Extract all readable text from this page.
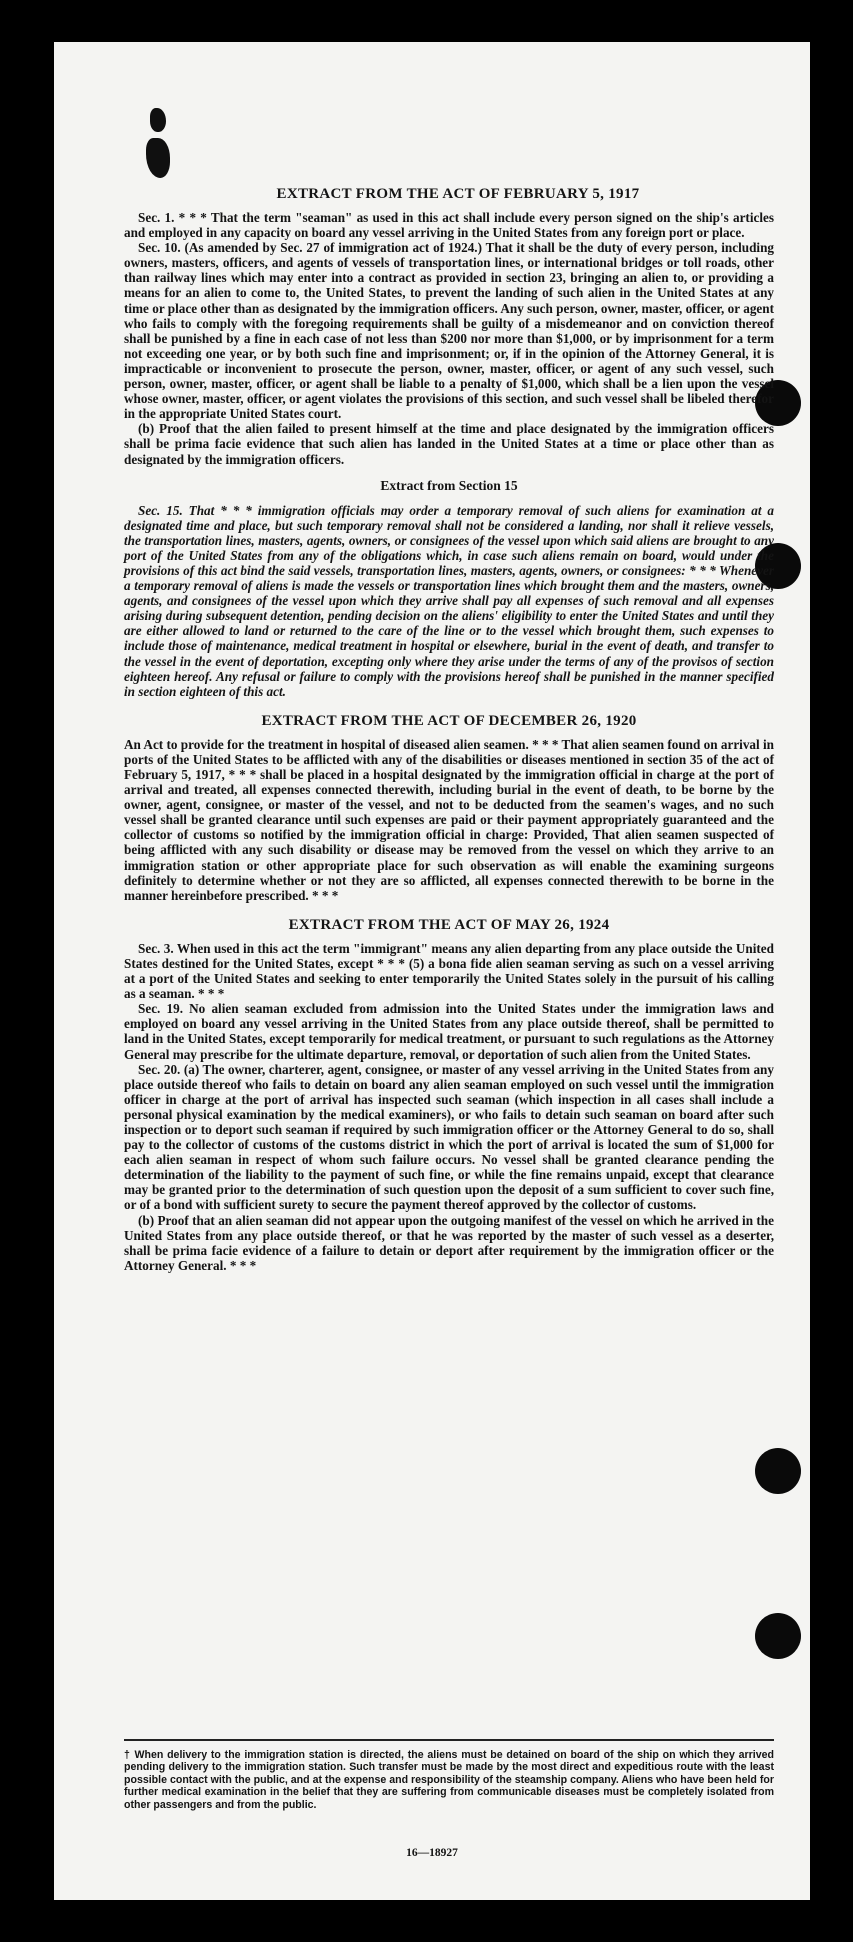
EXTRACT FROM THE ACT OF FEBRUARY 5, 1917

Sec. 1. * * * That the term "seaman" as used in this act shall include every person signed on the ship's articles and employed in any capacity on board any vessel arriving in the United States from any foreign port or place.

Sec. 10. (As amended by Sec. 27 of immigration act of 1924.) That it shall be the duty of every person, including owners, masters, officers, and agents of vessels of transportation lines, or international bridges or toll roads, other than railway lines which may enter into a contract as provided in section 23, bringing an alien to, or providing a means for an alien to come to, the United States, to prevent the landing of such alien in the United States at any time or place other than as designated by the immigration officers. Any such person, owner, master, officer, or agent who fails to comply with the foregoing requirements shall be guilty of a misdemeanor and on conviction thereof shall be punished by a fine in each case of not less than $200 nor more than $1,000, or by imprisonment for a term not exceeding one year, or by both such fine and imprisonment; or, if in the opinion of the Attorney General, it is impracticable or inconvenient to prosecute the person, owner, master, officer, or agent of any such vessel, such person, owner, master, officer, or agent shall be liable to a penalty of $1,000, which shall be a lien upon the vessel whose owner, master, officer, or agent violates the provisions of this section, and such vessel shall be libeled therefor in the appropriate United States court.

(b) Proof that the alien failed to present himself at the time and place designated by the immigration officers shall be prima facie evidence that such alien has landed in the United States at a time or place other than as designated by the immigration officers.

Extract from Section 15

Sec. 15. That * * * immigration officials may order a temporary removal of such aliens for examination at a designated time and place, but such temporary removal shall not be considered a landing, nor shall it relieve vessels, the transportation lines, masters, agents, owners, or consignees of the vessel upon which said aliens are brought to any port of the United States from any of the obligations which, in case such aliens remain on board, would under the provisions of this act bind the said vessels, transportation lines, masters, agents, owners, or consignees: * * * Whenever a temporary removal of aliens is made the vessels or transportation lines which brought them and the masters, owners, agents, and consignees of the vessel upon which they arrive shall pay all expenses of such removal and all expenses arising during subsequent detention, pending decision on the aliens' eligibility to enter the United States and until they are either allowed to land or returned to the care of the line or to the vessel which brought them, such expenses to include those of maintenance, medical treatment in hospital or elsewhere, burial in the event of death, and transfer to the vessel in the event of deportation, excepting only where they arise under the terms of any of the provisos of section eighteen hereof. Any refusal or failure to comply with the provisions hereof shall be punished in the manner specified in section eighteen of this act.

EXTRACT FROM THE ACT OF DECEMBER 26, 1920

An Act to provide for the treatment in hospital of diseased alien seamen. * * * That alien seamen found on arrival in ports of the United States to be afflicted with any of the disabilities or diseases mentioned in section 35 of the act of February 5, 1917, * * * shall be placed in a hospital designated by the immigration official in charge at the port of arrival and treated, all expenses connected therewith, including burial in the event of death, to be borne by the owner, agent, consignee, or master of the vessel, and not to be deducted from the seamen's wages, and no such vessel shall be granted clearance until such expenses are paid or their payment appropriately guaranteed and the collector of customs so notified by the immigration official in charge: Provided, That alien seamen suspected of being afflicted with any such disability or disease may be removed from the vessel on which they arrive to an immigration station or other appropriate place for such observation as will enable the examining surgeons definitely to determine whether or not they are so afflicted, all expenses connected therewith to be borne in the manner hereinbefore prescribed. * * *

EXTRACT FROM THE ACT OF MAY 26, 1924

Sec. 3. When used in this act the term "immigrant" means any alien departing from any place outside the United States destined for the United States, except * * * (5) a bona fide alien seaman serving as such on a vessel arriving at a port of the United States and seeking to enter temporarily the United States solely in the pursuit of his calling as a seaman. * * *

Sec. 19. No alien seaman excluded from admission into the United States under the immigration laws and employed on board any vessel arriving in the United States from any place outside thereof, shall be permitted to land in the United States, except temporarily for medical treatment, or pursuant to such regulations as the Attorney General may prescribe for the ultimate departure, removal, or deportation of such alien from the United States.

Sec. 20. (a) The owner, charterer, agent, consignee, or master of any vessel arriving in the United States from any place outside thereof who fails to detain on board any alien seaman employed on such vessel until the immigration officer in charge at the port of arrival has inspected such seaman (which inspection in all cases shall include a personal physical examination by the medical examiners), or who fails to detain such seaman on board after such inspection or to deport such seaman if required by such immigration officer or the Attorney General to do so, shall pay to the collector of customs of the customs district in which the port of arrival is located the sum of $1,000 for each alien seaman in respect of whom such failure occurs. No vessel shall be granted clearance pending the determination of the liability to the payment of such fine, or while the fine remains unpaid, except that clearance may be granted prior to the determination of such question upon the deposit of a sum sufficient to cover such fine, or of a bond with sufficient surety to secure the payment thereof approved by the collector of customs.

(b) Proof that an alien seaman did not appear upon the outgoing manifest of the vessel on which he arrived in the United States from any place outside thereof, or that he was reported by the master of such vessel as a deserter, shall be prima facie evidence of a failure to detain or deport after requirement by the immigration officer or the Attorney General. * * *

† When delivery to the immigration station is directed, the aliens must be detained on board of the ship on which they arrived pending delivery to the immigration station. Such transfer must be made by the most direct and expeditious route with the least possible contact with the public, and at the expense and responsibility of the steamship company. Aliens who have been held for further medical examination in the belief that they are suffering from communicable diseases must be completely isolated from other passengers and from the public.
16—18927
